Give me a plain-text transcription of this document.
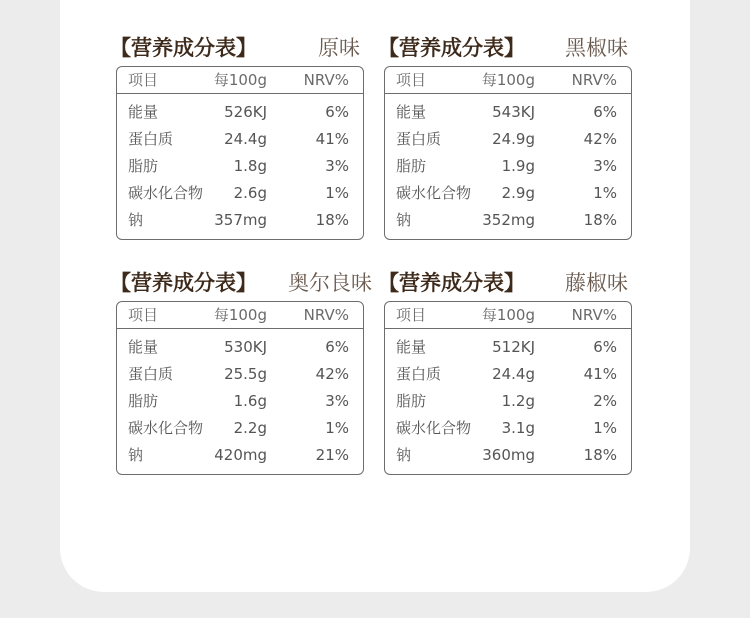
【营养成分表】	原味
项目	每100g NRV%
能量	526KJ	6%
蛋白质	24.4g	41%
脂肪	1.8g	3%
碳水化合物 2.6g	1%
钠	357mg	18%
【营养成分表】 黑椒味
项目	每100g NRV%
能量	543KJ	6%
蛋白质	24.9g	42%
脂肪	1.9g	3%
碳水化合物 2.9g	1%
钠	352mg	18%
【营养成分表】 奥尔良味
项目	每100g NRV%
能量	530KJ	6%
蛋白质	25.5g	42%
脂肪	1.6g	3%
碳水化合物 2.2g	1%
钠	420mg	21%
【营养成分表】 藤椒味
项目	每100g NRV%
能量	512KJ	6%
蛋白质	24.4g	41%
脂肪	1.2g	2%
碳水化合物 3.1g	1%
钠	360mg	18%
